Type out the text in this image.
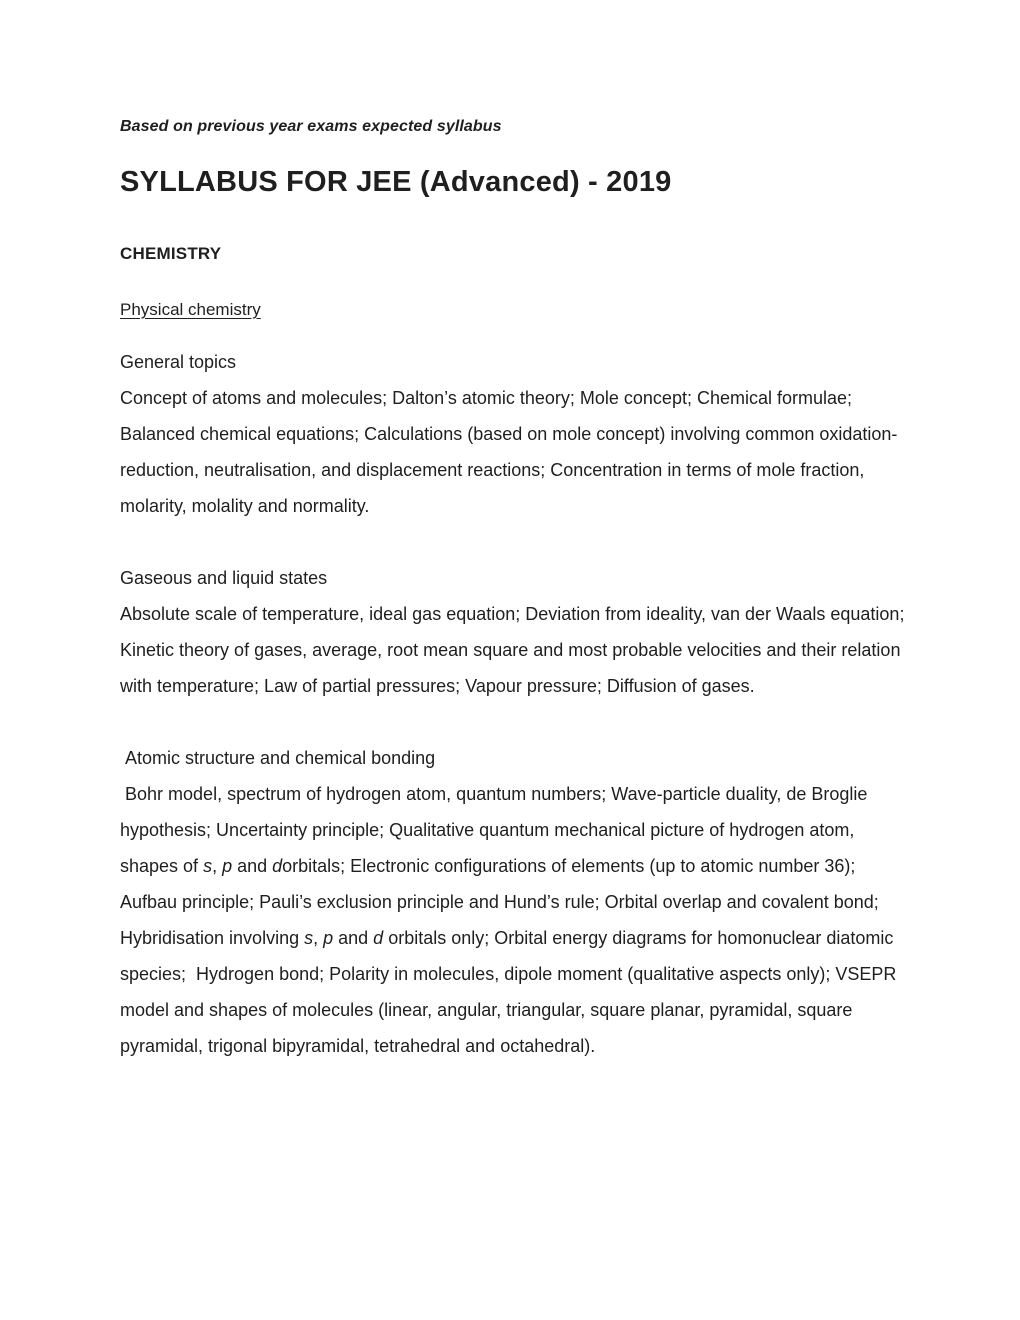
Based on previous year exams expected syllabus
SYLLABUS FOR JEE (Advanced) - 2019
CHEMISTRY
Physical chemistry
General topics

Concept of atoms and molecules; Dalton’s atomic theory; Mole concept; Chemical formulae; Balanced chemical equations; Calculations (based on mole concept) involving common oxidation-reduction, neutralisation, and displacement reactions; Concentration in terms of mole fraction, molarity, molality and normality.

Gaseous and liquid states

Absolute scale of temperature, ideal gas equation; Deviation from ideality, van der Waals equation; Kinetic theory of gases, average, root mean square and most probable velocities and their relation with temperature; Law of partial pressures; Vapour pressure; Diffusion of gases.

Atomic structure and chemical bonding

Bohr model, spectrum of hydrogen atom, quantum numbers; Wave-particle duality, de Broglie hypothesis; Uncertainty principle; Qualitative quantum mechanical picture of hydrogen atom, shapes of s, p and dorbitals; Electronic configurations of elements (up to atomic number 36); Aufbau principle; Pauli’s exclusion principle and Hund’s rule; Orbital overlap and covalent bond; Hybridisation involving s, p and d orbitals only; Orbital energy diagrams for homonuclear diatomic species;  Hydrogen bond; Polarity in molecules, dipole moment (qualitative aspects only); VSEPR model and shapes of molecules (linear, angular, triangular, square planar, pyramidal, square pyramidal, trigonal bipyramidal, tetrahedral and octahedral).
